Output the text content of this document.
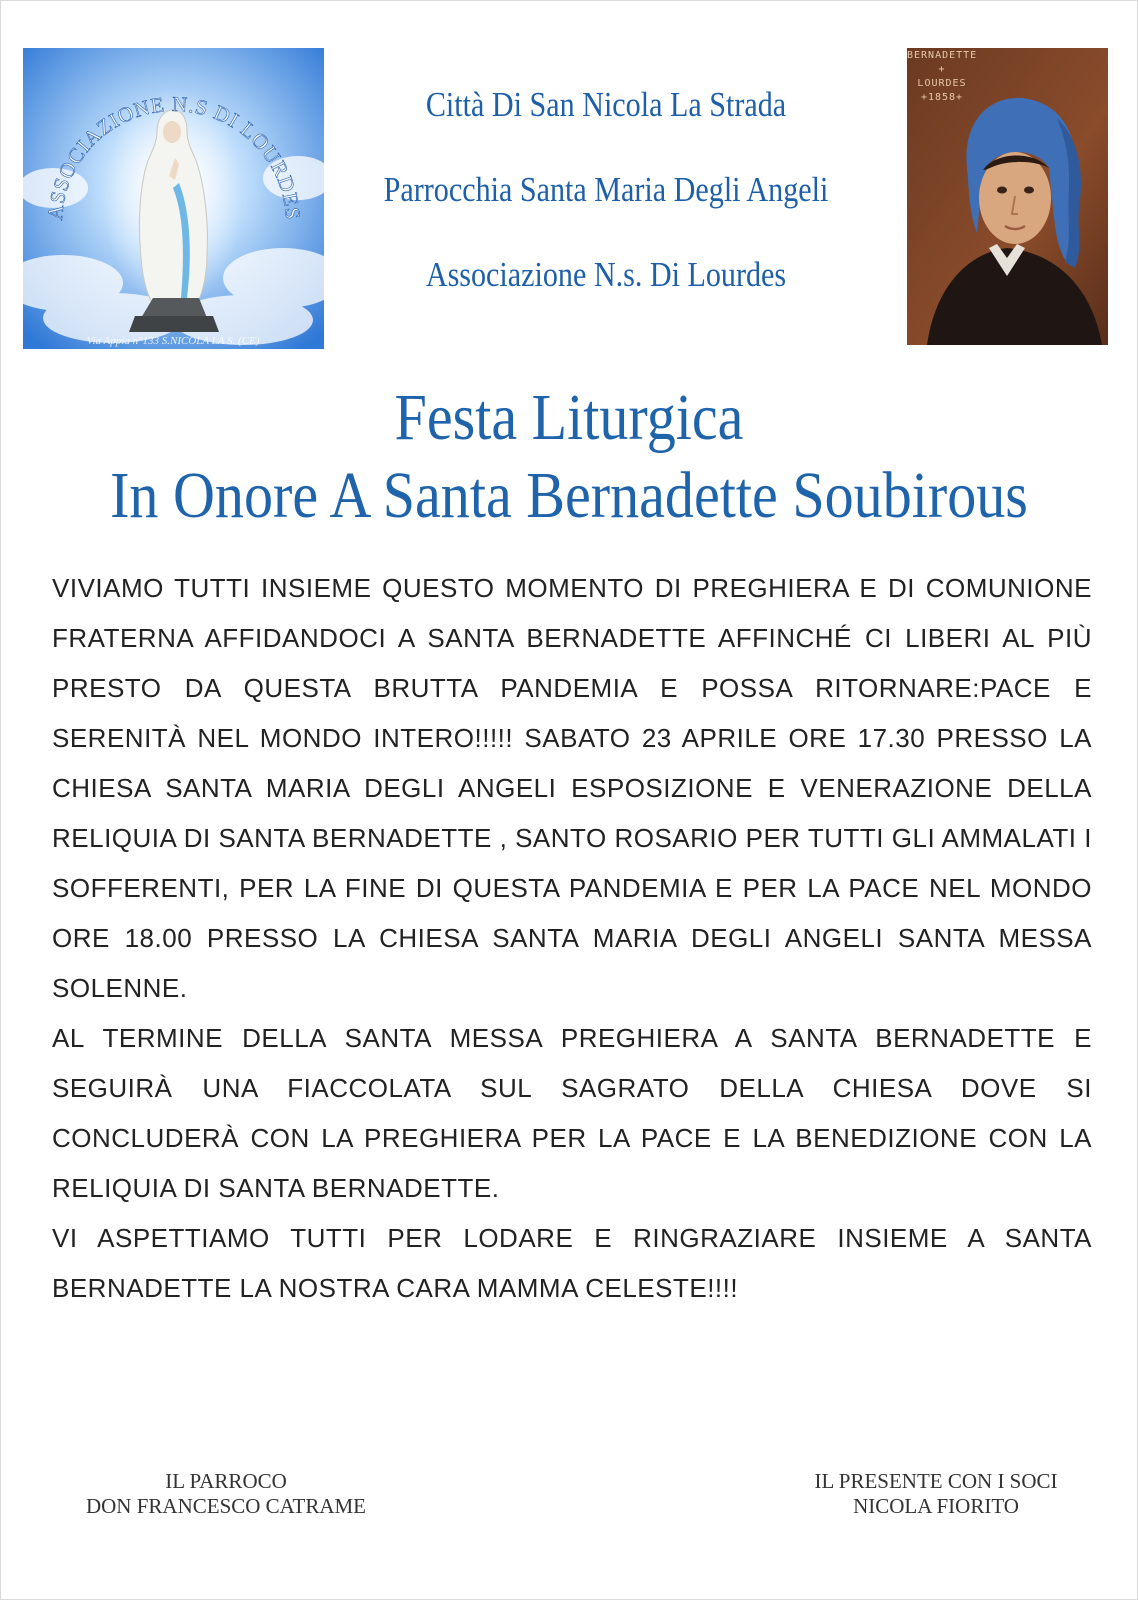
ASSOCIAZIONE N.S DI LOURDES
Via Appia n°133 S.NICOLA LA S. (CE)
Città Di San Nicola La Strada
Parrocchia Santa Maria Degli Angeli
Associazione N.s. Di Lourdes
BERNADETTE
+
LOURDES
+1858+
Festa Liturgica
In Onore A Santa Bernadette Soubirous

VIVIAMO TUTTI INSIEME QUESTO MOMENTO DI PREGHIERA E DI COMUNIONE FRATERNA AFFIDANDOCI A SANTA BERNADETTE AFFINCHÉ CI LIBERI AL PIÙ PRESTO DA QUESTA BRUTTA PANDEMIA E POSSA RITORNARE:PACE E SERENITÀ NEL MONDO INTERO!!!!! SABATO 23 APRILE ORE 17.30 PRESSO LA CHIESA SANTA MARIA DEGLI ANGELI ESPOSIZIONE E VENERAZIONE DELLA RELIQUIA DI SANTA BERNADETTE , SANTO ROSARIO PER TUTTI GLI AMMALATI I SOFFERENTI, PER LA FINE DI QUESTA PANDEMIA E PER LA PACE NEL MONDO ORE 18.00 PRESSO LA CHIESA SANTA MARIA DEGLI ANGELI SANTA MESSA SOLENNE.

AL TERMINE DELLA SANTA MESSA PREGHIERA A SANTA BERNADETTE E SEGUIRÀ UNA FIACCOLATA SUL SAGRATO DELLA CHIESA DOVE SI CONCLUDERÀ CON LA PREGHIERA PER LA PACE E LA BENEDIZIONE CON LA RELIQUIA DI SANTA BERNADETTE.

VI ASPETTIAMO TUTTI PER LODARE E RINGRAZIARE INSIEME A SANTA BERNADETTE LA NOSTRA CARA MAMMA CELESTE!!!!

IL PARROCO
DON FRANCESCO CATRAME
IL PRESENTE CON I SOCI
NICOLA FIORITO
